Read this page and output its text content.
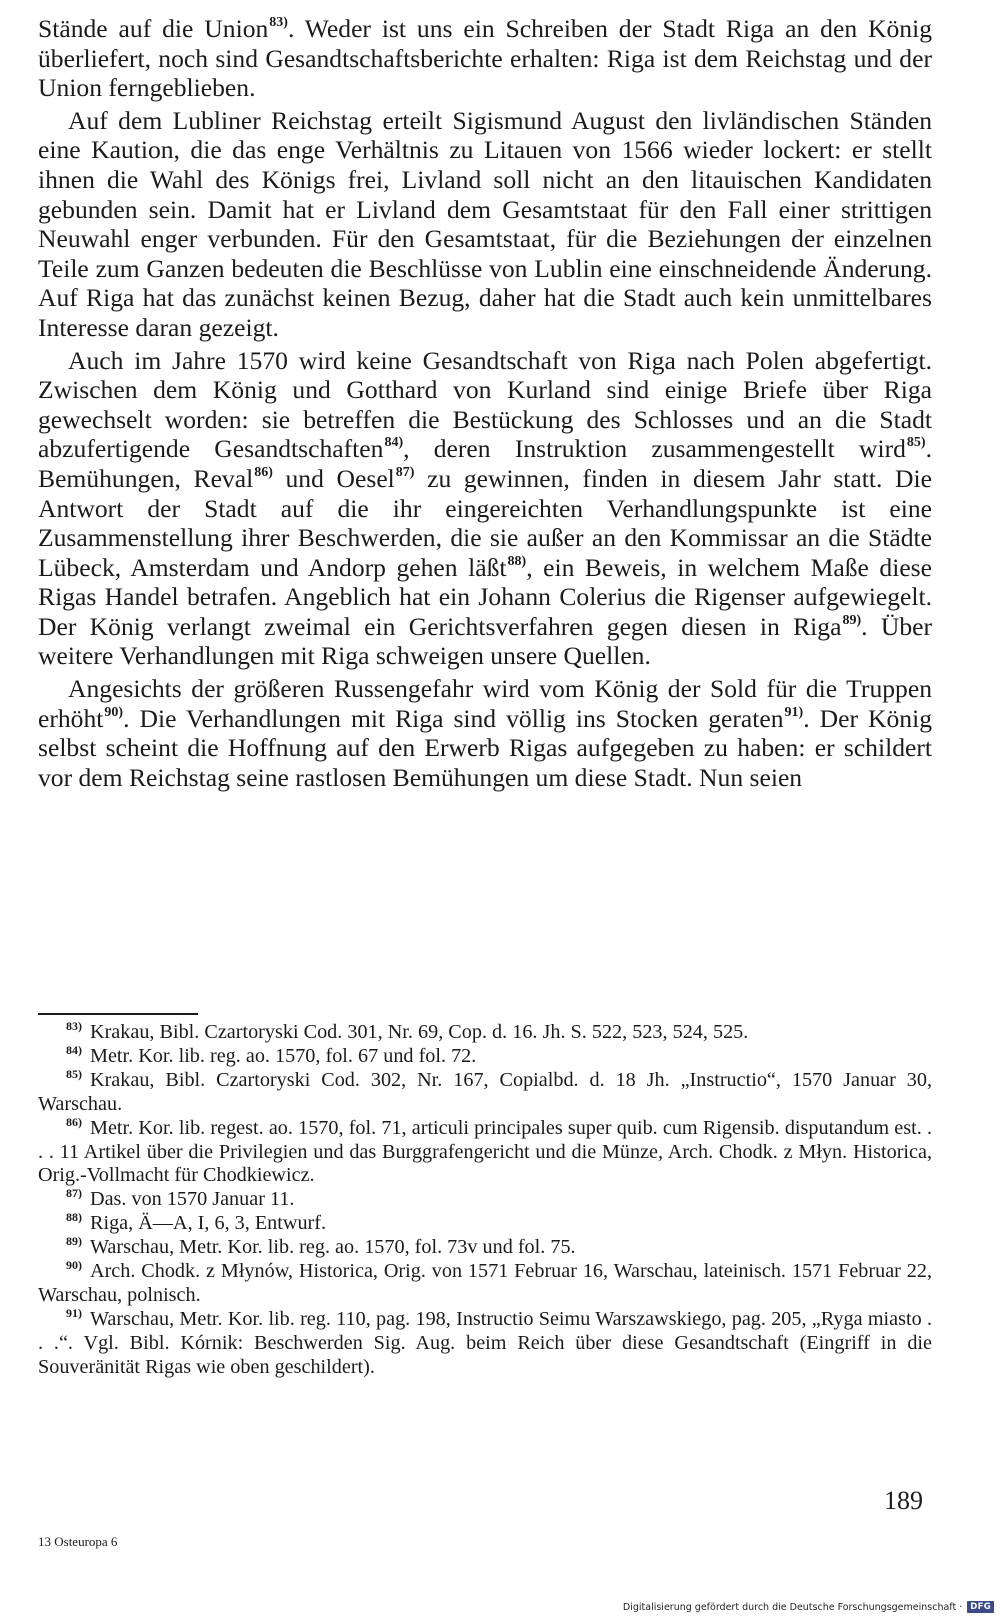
Stände auf die Union$^{83)}$. Weder ist uns ein Schreiben der Stadt Riga an den König überliefert, noch sind Gesandtschaftsberichte erhalten: Riga ist dem Reichstag und der Union ferngeblieben.

Auf dem Lubliner Reichstag erteilt Sigismund August den livländischen Ständen eine Kaution, die das enge Verhältnis zu Litauen von 1566 wieder lockert: er stellt ihnen die Wahl des Königs frei, Livland soll nicht an den litauischen Kandidaten gebunden sein. Damit hat er Livland dem Gesamtstaat für den Fall einer strittigen Neuwahl enger verbunden. Für den Gesamtstaat, für die Beziehungen der einzelnen Teile zum Ganzen bedeuten die Beschlüsse von Lublin eine einschneidende Änderung. Auf Riga hat das zunächst keinen Bezug, daher hat die Stadt auch kein unmittelbares Interesse daran gezeigt.

Auch im Jahre 1570 wird keine Gesandtschaft von Riga nach Polen abgefertigt. Zwischen dem König und Gotthard von Kurland sind einige Briefe über Riga gewechselt worden: sie betreffen die Bestückung des Schlosses und an die Stadt abzufertigende Gesandtschaften$^{84)}$, deren Instruktion zusammengestellt wird$^{85)}$. Bemühungen, Reval$^{86)}$ und Oesel$^{87)}$ zu gewinnen, finden in diesem Jahr statt. Die Antwort der Stadt auf die ihr eingereichten Verhandlungspunkte ist eine Zusammenstellung ihrer Beschwerden, die sie außer an den Kommissar an die Städte Lübeck, Amsterdam und Andorp gehen läßt$^{88)}$, ein Beweis, in welchem Maße diese Rigas Handel betrafen. Angeblich hat ein Johann Colerius die Rigenser aufgewiegelt. Der König verlangt zweimal ein Gerichtsverfahren gegen diesen in Riga$^{89)}$. Über weitere Verhandlungen mit Riga schweigen unsere Quellen.

Angesichts der größeren Russengefahr wird vom König der Sold für die Truppen erhöht$^{90)}$. Die Verhandlungen mit Riga sind völlig ins Stocken geraten$^{91)}$. Der König selbst scheint die Hoffnung auf den Erwerb Rigas aufgegeben zu haben: er schildert vor dem Reichstag seine rastlosen Bemühungen um diese Stadt. Nun seien

$^{83)}$ Krakau, Bibl. Czartoryski Cod. 301, Nr. 69, Cop. d. 16. Jh. S. 522, 523, 524, 525.

$^{84)}$ Metr. Kor. lib. reg. ao. 1570, fol. 67 und fol. 72.

$^{85)}$ Krakau, Bibl. Czartoryski Cod. 302, Nr. 167, Copialbd. d. 18 Jh. „Instructio“, 1570 Januar 30, Warschau.

$^{86)}$ Metr. Kor. lib. regest. ao. 1570, fol. 71, articuli principales super quib. cum Rigensib. disputandum est. . . . 11 Artikel über die Privilegien und das Burggrafengericht und die Münze, Arch. Chodk. z Młyn. Historica, Orig.-Vollmacht für Chodkiewicz.

$^{87)}$ Das. von 1570 Januar 11.

$^{88)}$ Riga, Ä—A, I, 6, 3, Entwurf.

$^{89)}$ Warschau, Metr. Kor. lib. reg. ao. 1570, fol. 73v und fol. 75.

$^{90)}$ Arch. Chodk. z Młynów, Historica, Orig. von 1571 Februar 16, Warschau, lateinisch. 1571 Februar 22, Warschau, polnisch.

$^{91)}$ Warschau, Metr. Kor. lib. reg. 110, pag. 198, Instructio Seimu Warszawskiego, pag. 205, „Ryga miasto . . .“. Vgl. Bibl. Kórnik: Beschwerden Sig. Aug. beim Reich über diese Gesandtschaft (Eingriff in die Souveränität Rigas wie oben geschildert).

189
13 Osteuropa 6
Digitalisierung gefördert durch die Deutsche Forschungsgemeinschaft · DFG
